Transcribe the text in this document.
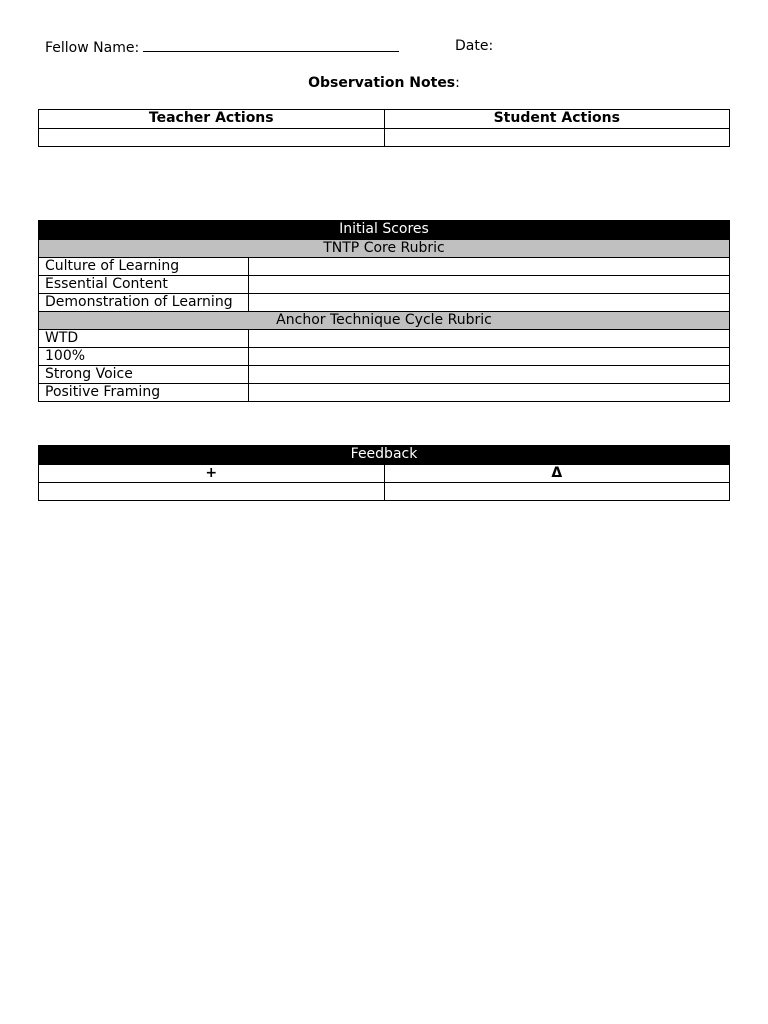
Fellow Name:	Date:
Observation Notes:
Teacher Actions	Student Actions

Initial Scores	
TNTP Core Rubric	
Culture of Learning	
Essential Content	
Demonstration of Learning	
Anchor Technique Cycle Rubric	
WTD	
100%	
Strong Voice	
Positive Framing	
Feedback	
+	Δ
